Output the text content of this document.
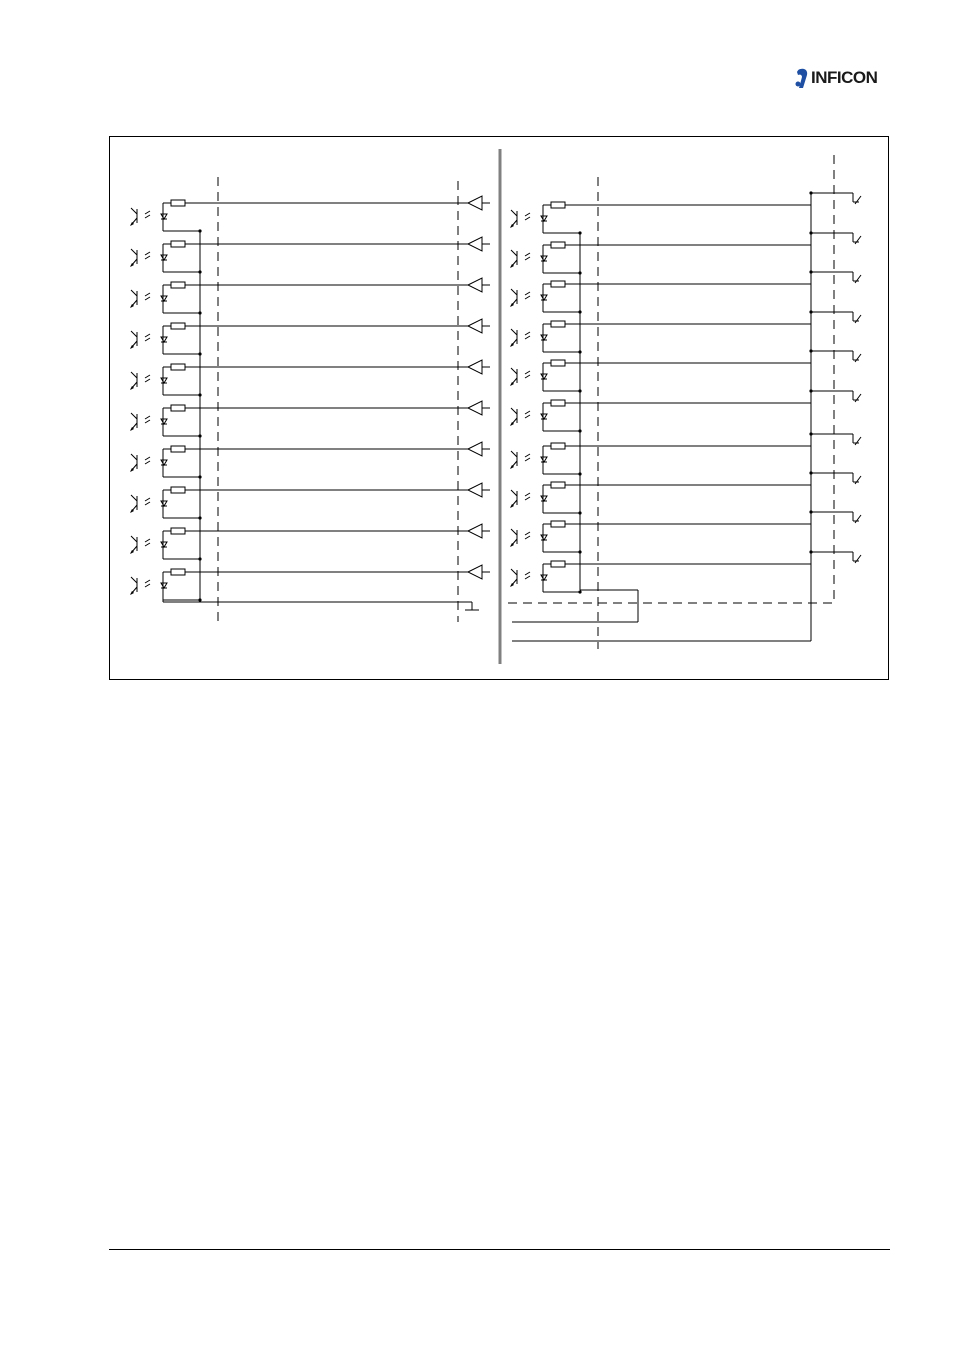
INFICON
